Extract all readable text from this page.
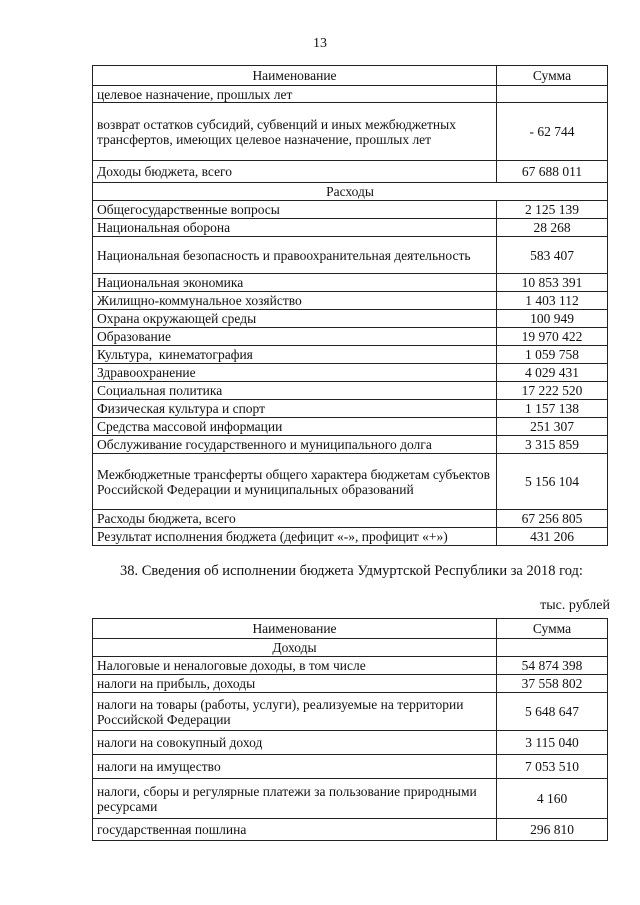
13
Наименование	Сумма
целевое назначение, прошлых лет	
возврат остатков субсидий, субвенций и иных межбюджетных трансфертов, имеющих целевое назначение, прошлых лет	- 62 744
Доходы бюджета, всего	67 688 011
Расходы	
Общегосударственные вопросы	2 125 139
Национальная оборона	28 268
Национальная безопасность и правоохранительная деятельность	583 407
Национальная экономика	10 853 391
Жилищно-коммунальное хозяйство	1 403 112
Охрана окружающей среды	100 949
Образование	19 970 422
Культура,  кинематография	1 059 758
Здравоохранение	4 029 431
Социальная политика	17 222 520
Физическая культура и спорт	1 157 138
Средства массовой информации	251 307
Обслуживание государственного и муниципального долга	3 315 859
Межбюджетные трансферты общего характера бюджетам субъектов Российской Федерации и муниципальных образований	5 156 104
Расходы бюджета, всего	67 256 805
Результат исполнения бюджета (дефицит «-», профицит «+»)	431 206
38. Сведения об исполнении бюджета Удмуртской Республики за 2018 год:
тыс. рублей
Наименование	Сумма
Доходы	
Налоговые и неналоговые доходы, в том числе	54 874 398
налоги на прибыль, доходы	37 558 802
налоги на товары (работы, услуги), реализуемые на территории Российской Федерации	5 648 647
налоги на совокупный доход	3 115 040
налоги на имущество	7 053 510
налоги, сборы и регулярные платежи за пользование природными ресурсами	4 160
государственная пошлина	296 810
